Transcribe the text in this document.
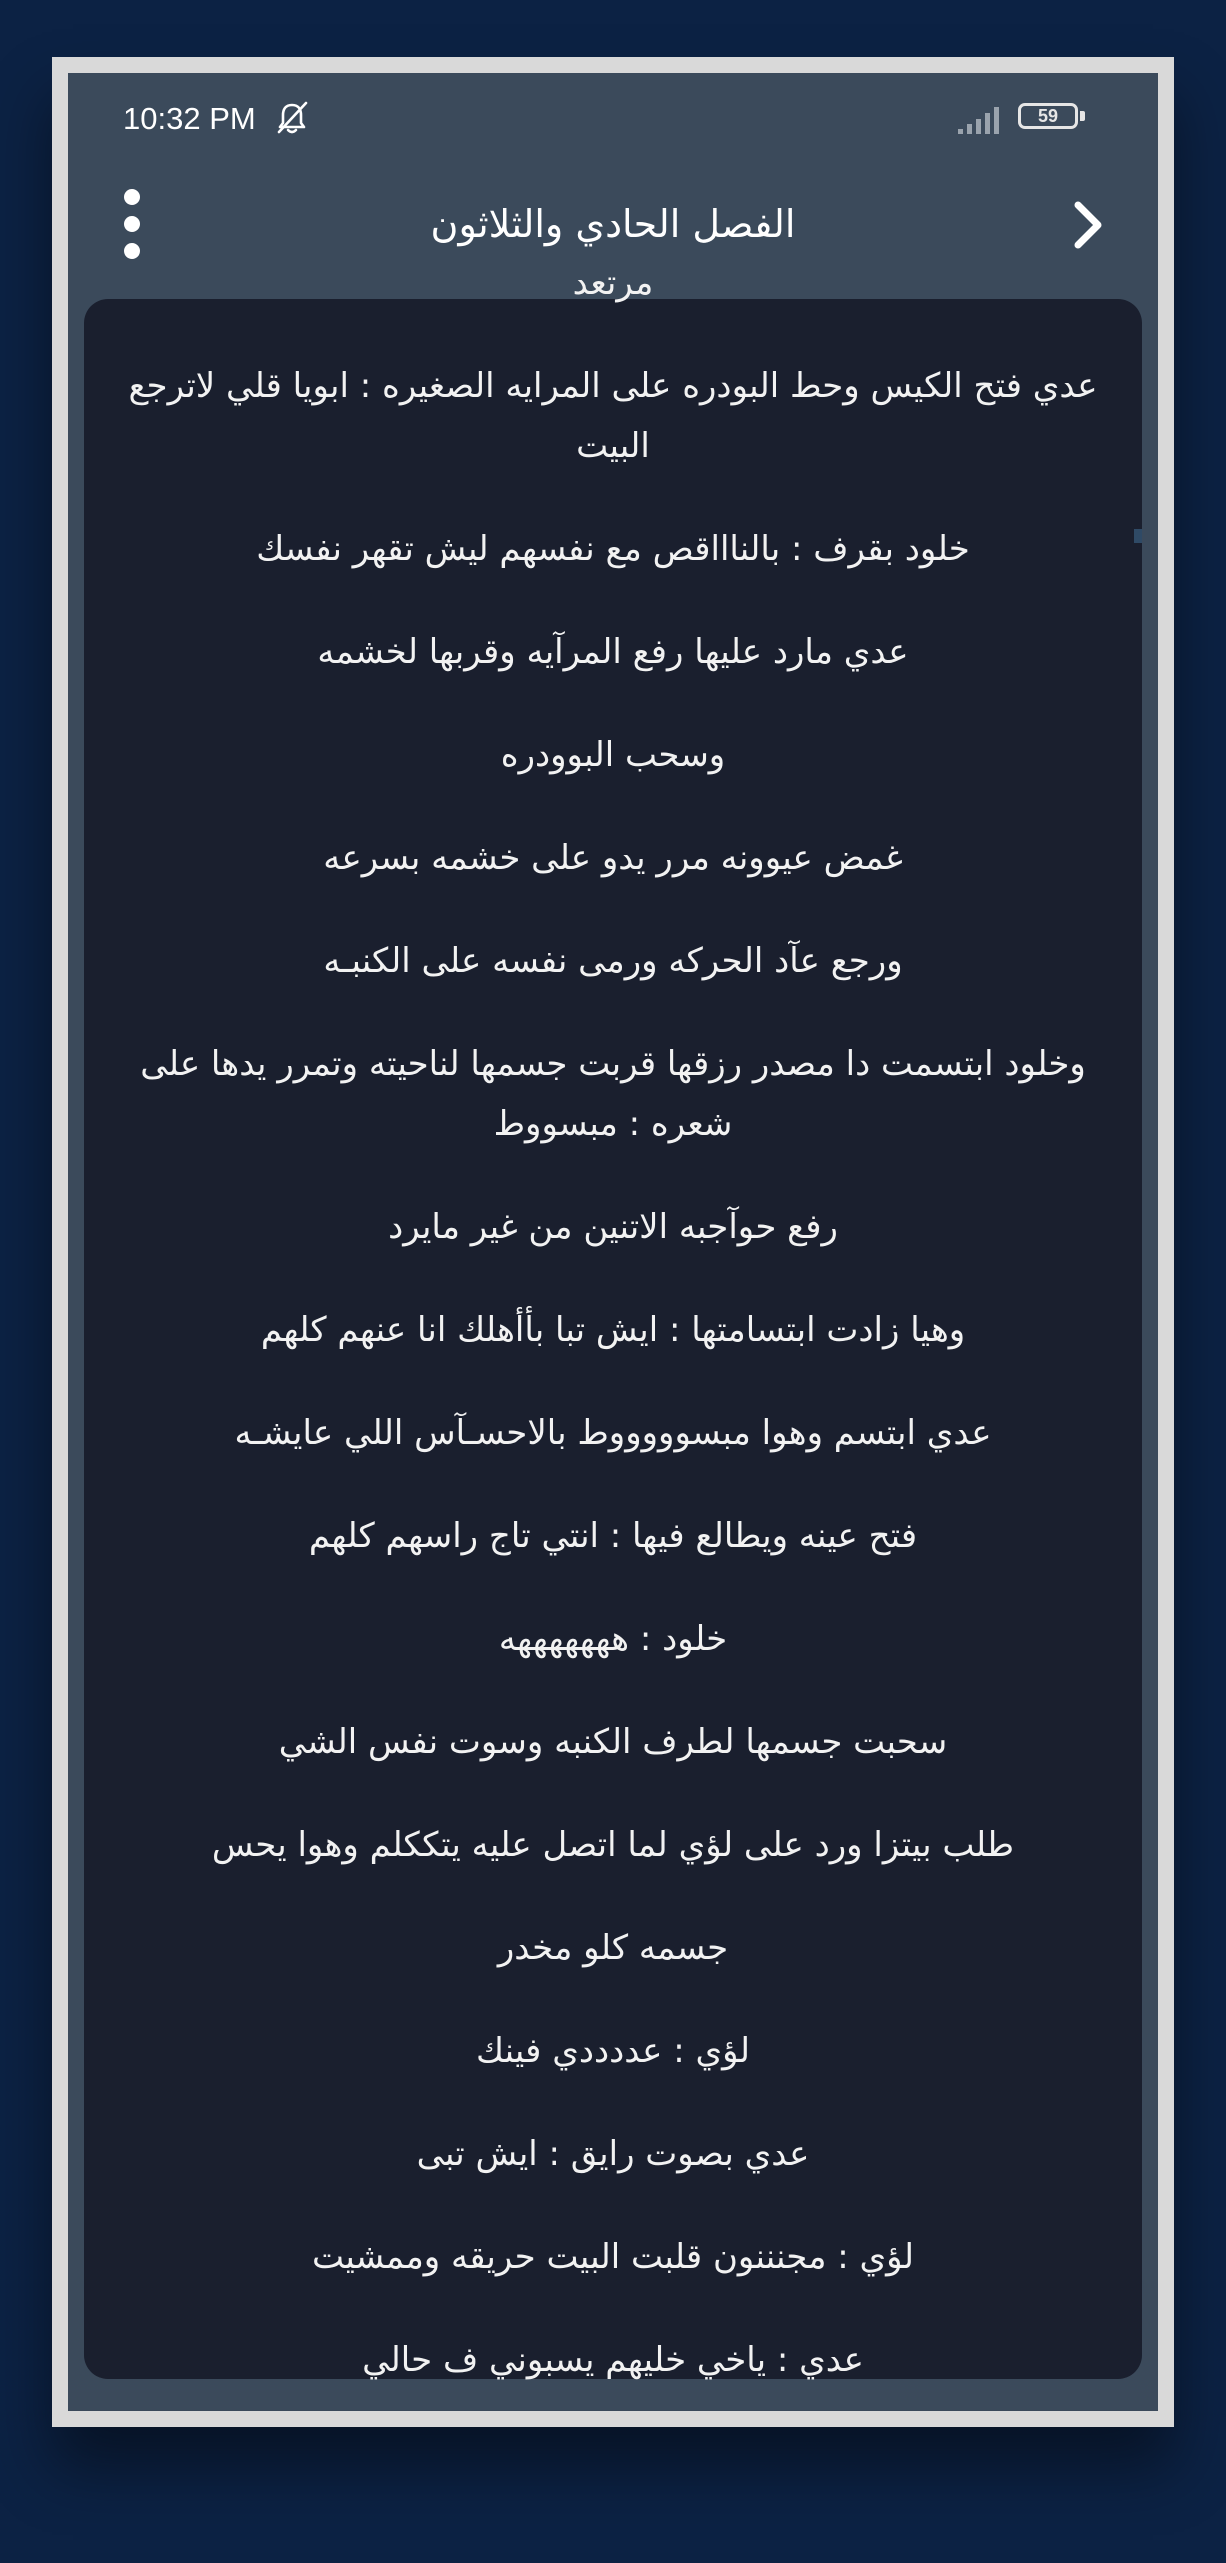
10:32 PM	59
الفصل الحادي والثلاثون

مرتعد

عدي فتح الكيس وحط البودره على المرايه الصغيره : ابويا قلي لاترجع البيت

خلود بقرف : بالناااقص مع نفسهم ليش تقهر نفسك

عدي مارد عليها رفع المرآيه وقربها لخشمه

وسحب البوودره

غمض عيوونه مرر يدو على خشمه بسرعه

ورجع عآد الحركه ورمى نفسه على الكنبـه

وخلود ابتسمت دا مصدر رزقها قربت جسمها لناحيته وتمرر يدها على شعره : مبسووط

رفع حوآجبه الاتنين من غير مايرد

وهيا زادت ابتسامتها : ايش تبا بأأهلك انا عنهم كلهم

عدي ابتسم وهوا مبسوووووط بالاحسـآس اللي عايشـه

فتح عينه ويطالع فيها : انتي تاج راسهم كلهم

خلود : هههههههه

سحبت جسمها لطرف الكنبه وسوت نفس الشي

طلب بيتزا ورد على لؤي لما اتصل عليه يتككلم وهوا يحس

جسمه كلو مخدر

لؤي : عددددي فينك

عدي بصوت رايق : ايش تبى

لؤي : مجنننون قلبت البيت حريقه وممشيت

عدي : ياخي خليهم يسبوني ف حالي
